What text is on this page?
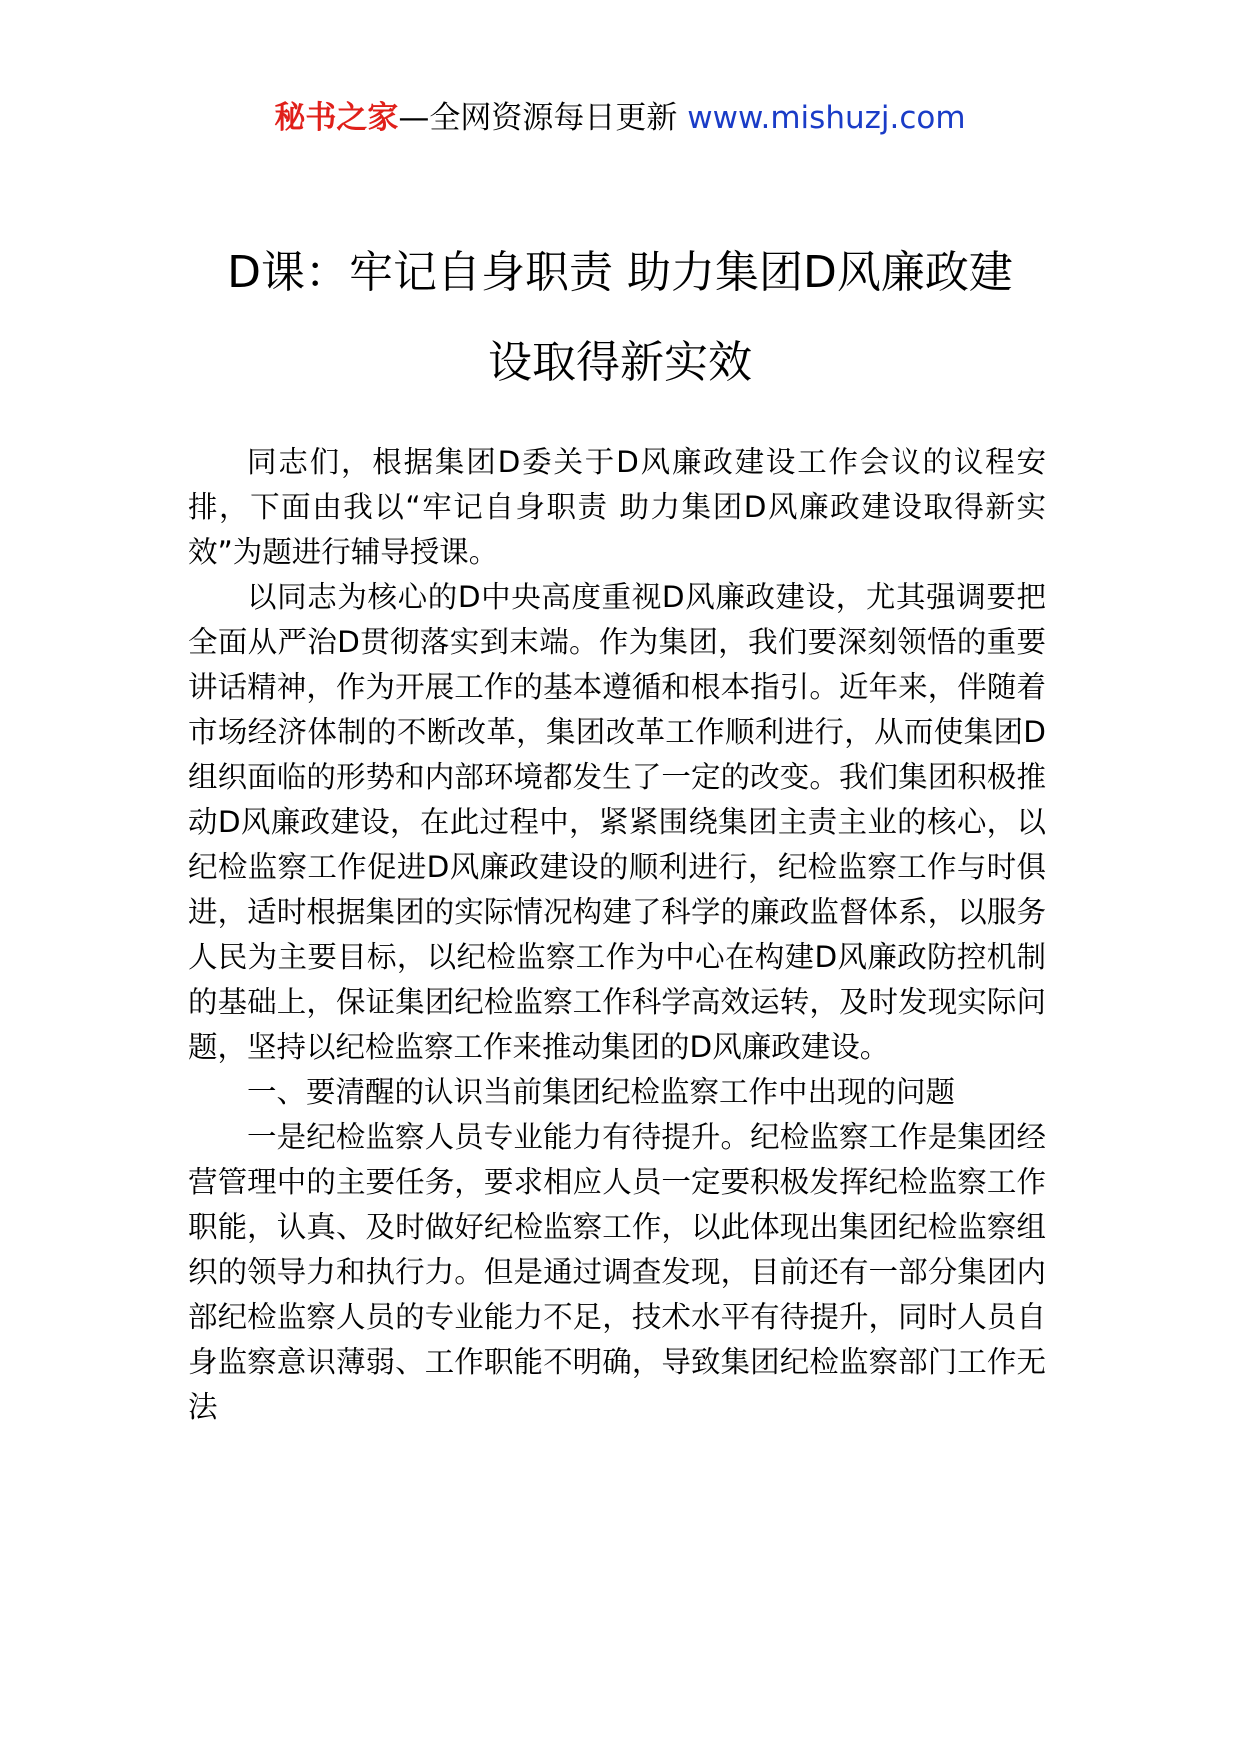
秘书之家—全网资源每日更新 www.mishuzj.com
D课：牢记自身职责 助力集团D风廉政建
设取得新实效

同志们，根据集团D委关于D风廉政建设工作会议的议程安排，下面由我以“牢记自身职责 助力集团D风廉政建设取得新实效”为题进行辅导授课。

以同志为核心的D中央高度重视D风廉政建设，尤其强调要把全面从严治D贯彻落实到末端。作为集团，我们要深刻领悟的重要讲话精神，作为开展工作的基本遵循和根本指引。近年来，伴随着市场经济体制的不断改革，集团改革工作顺利进行，从而使集团D组织面临的形势和内部环境都发生了一定的改变。我们集团积极推动D风廉政建设，在此过程中，紧紧围绕集团主责主业的核心，以纪检监察工作促进D风廉政建设的顺利进行，纪检监察工作与时俱进，适时根据集团的实际情况构建了科学的廉政监督体系，以服务人民为主要目标，以纪检监察工作为中心在构建D风廉政防控机制的基础上，保证集团纪检监察工作科学高效运转，及时发现实际问题，坚持以纪检监察工作来推动集团的D风廉政建设。

一、要清醒的认识当前集团纪检监察工作中出现的问题

一是纪检监察人员专业能力有待提升。纪检监察工作是集团经营管理中的主要任务，要求相应人员一定要积极发挥纪检监察工作职能，认真、及时做好纪检监察工作，以此体现出集团纪检监察组织的领导力和执行力。但是通过调查发现，目前还有一部分集团内部纪检监察人员的专业能力不足，技术水平有待提升，同时人员自身监察意识薄弱、工作职能不明确，导致集团纪检监察部门工作无法
